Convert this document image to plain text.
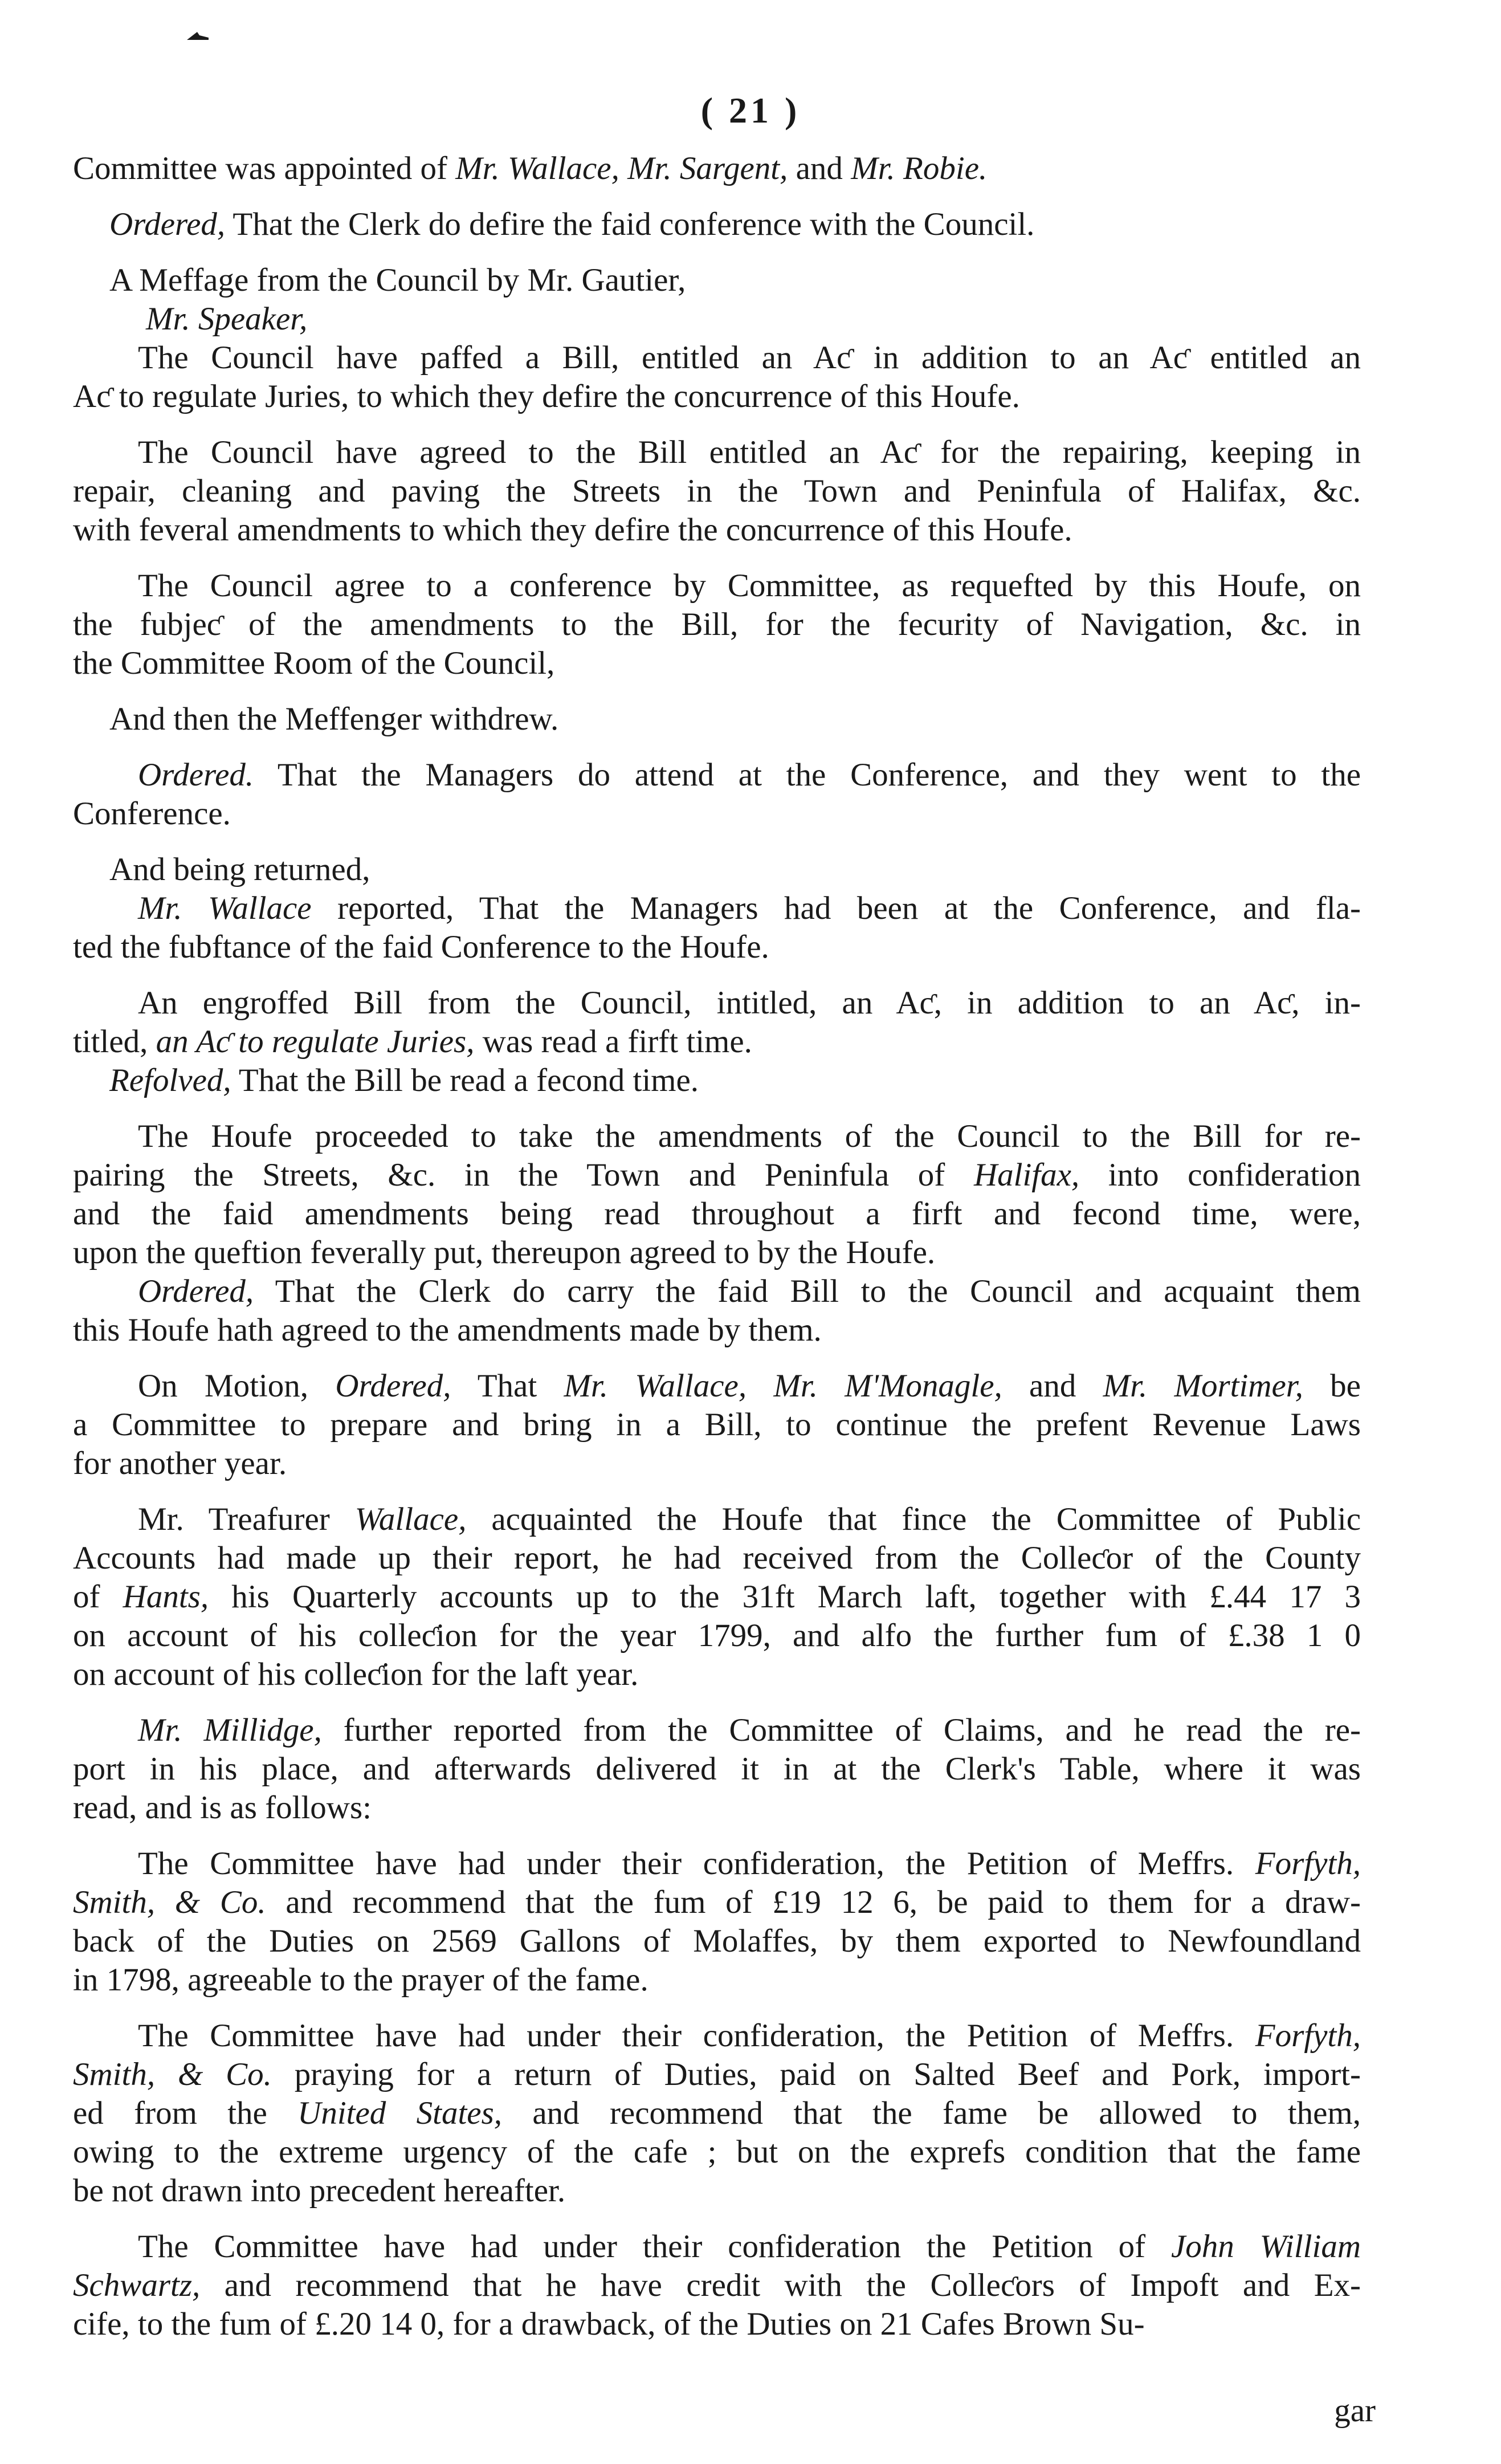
( 21 )
Committee was appointed of Mr. Wallace, Mr. Sargent, and Mr. Robie.
Ordered, That the Clerk do defire the faid conference with the Council.
A Meffage from the Council by Mr. Gautier,
Mr. Speaker,
  The Council have paffed a Bill, entitled an Aƈ in addition to an Aƈ entitled an
Aƈ to regulate Juries, to which they defire the concurrence of this Houfe.
  The Council have agreed to the Bill entitled an Aƈ for the repairing, keeping in
repair, cleaning and paving the Streets in the Town and Peninfula of Halifax, &c.
with feveral amendments to which they defire the concurrence of this Houfe.
  The Council agree to a conference by Committee, as requefted by this Houfe, on
the fubjeƈ of the amendments to the Bill, for the fecurity of Navigation, &c. in
the Committee Room of the Council,
And then the Meffenger withdrew.
  Ordered. That the Managers do attend at the Conference, and they went to the
Conference.
And being returned,
  Mr. Wallace reported, That the Managers had been at the Conference, and fla-
ted the fubftance of the faid Conference to the Houfe.
  An engroffed Bill from the Council, intitled, an Aƈ, in addition to an Aƈ, in-
titled, an Aƈ to regulate Juries, was read a firft time.
Refolved, That the Bill be read a fecond time.
  The Houfe proceeded to take the amendments of the Council to the Bill for re-
pairing the Streets, &c. in the Town and Peninfula of Halifax, into confideration
and the faid amendments being read throughout a firft and fecond time, were,
upon the queftion feverally put, thereupon agreed to by the Houfe.
  Ordered, That the Clerk do carry the faid Bill to the Council and acquaint them
this Houfe hath agreed to the amendments made by them.
  On Motion, Ordered, That Mr. Wallace, Mr. M'Monagle, and Mr. Mortimer, be
a Committee to prepare and bring in a Bill, to continue the prefent Revenue Laws
for another year.
  Mr. Treafurer Wallace, acquainted the Houfe that fince the Committee of Public
Accounts had made up their report, he had received from the Colleƈor of the County
of Hants, his Quarterly accounts up to the 31ft March laft, together with £.44 17 3
on account of his colleƈion for the year 1799, and alfo the further fum of £.38 1 0
on account of his colleƈion for the laft year.
  Mr. Millidge, further reported from the Committee of Claims, and he read the re-
port in his place, and afterwards delivered it in at the Clerk's Table, where it was
read, and is as follows:
  The Committee have had under their confideration, the Petition of Meffrs. Forfyth,
Smith, & Co. and recommend that the fum of £19 12 6, be paid to them for a draw-
back of the Duties on 2569 Gallons of Molaffes, by them exported to Newfoundland
in 1798, agreeable to the prayer of the fame.
  The Committee have had under their confideration, the Petition of Meffrs. Forfyth,
Smith, & Co. praying for a return of Duties, paid on Salted Beef and Pork, import-
ed from the United States, and recommend that the fame be allowed to them,
owing to the extreme urgency of the cafe ; but on the exprefs condition that the fame
be not drawn into precedent hereafter.
  The Committee have had under their confideration the Petition of John William
Schwartz, and recommend that he have credit with the Colleƈors of Impoft and Ex-
cife, to the fum of £.20 14 0, for a drawback, of the Duties on 21 Cafes Brown Su-
gar
